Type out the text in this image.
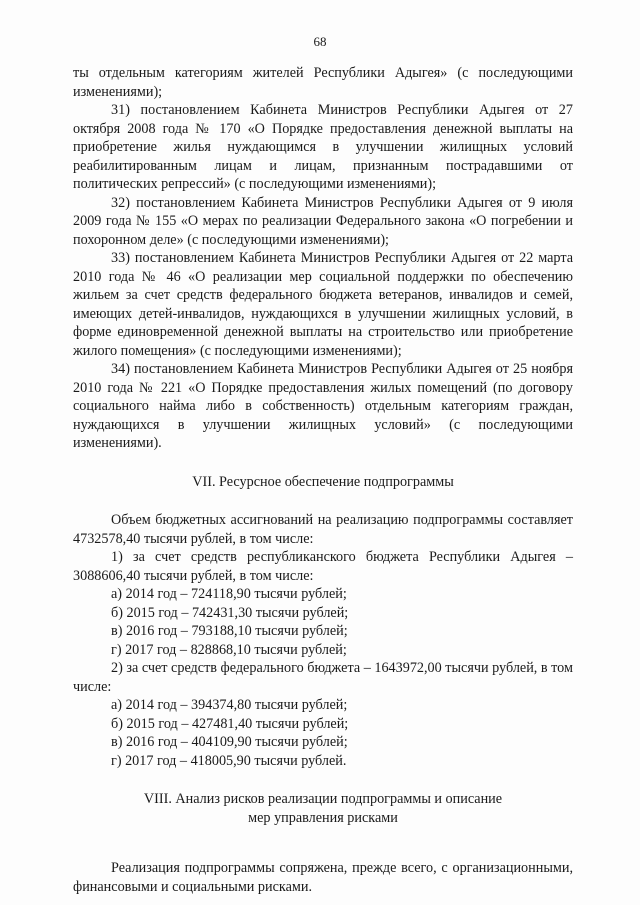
68

ты отдельным категориям жителей Республики Адыгея» (с последующими изменениями);

31) постановлением Кабинета Министров Республики Адыгея от 27 октября 2008 года № 170 «О Порядке предоставления денежной выплаты на приобретение жилья нуждающимся в улучшении жилищных условий реабилитированным лицам и лицам, признанным пострадавшими от политических репрессий» (с последующими изменениями);

32) постановлением Кабинета Министров Республики Адыгея от 9 июля 2009 года № 155 «О мерах по реализации Федерального закона «О погребении и похоронном деле» (с последующими изменениями);

33) постановлением Кабинета Министров Республики Адыгея от 22 марта 2010 года № 46 «О реализации мер социальной поддержки по обеспечению жильем за счет средств федерального бюджета ветеранов, инвалидов и семей, имеющих детей-инвалидов, нуждающихся в улучшении жилищных условий, в форме единовременной денежной выплаты на строительство или приобретение жилого помещения» (с последующими изменениями);

34) постановлением Кабинета Министров Республики Адыгея от 25 ноября 2010 года № 221 «О Порядке предоставления жилых помещений (по договору социального найма либо в собственность) отдельным категориям граждан, нуждающихся в улучшении жилищных условий» (с последующими изменениями).

VII. Ресурсное обеспечение подпрограммы

Объем бюджетных ассигнований на реализацию подпрограммы составляет 4732578,40 тысячи рублей, в том числе:

1) за счет средств республиканского бюджета Республики Адыгея – 3088606,40 тысячи рублей, в том числе:

а) 2014 год – 724118,90 тысячи рублей;
б) 2015 год – 742431,30 тысячи рублей;
в) 2016 год – 793188,10 тысячи рублей;
г) 2017 год – 828868,10 тысячи рублей;

2) за счет средств федерального бюджета – 1643972,00 тысячи рублей, в том числе:

а) 2014 год – 394374,80 тысячи рублей;
б) 2015 год – 427481,40 тысячи рублей;
в) 2016 год – 404109,90 тысячи рублей;
г) 2017 год – 418005,90 тысячи рублей.

VIII. Анализ рисков реализации подпрограммы и описание

мер управления рисками

Реализация подпрограммы сопряжена, прежде всего, с организационными, финансовыми и социальными рисками.
